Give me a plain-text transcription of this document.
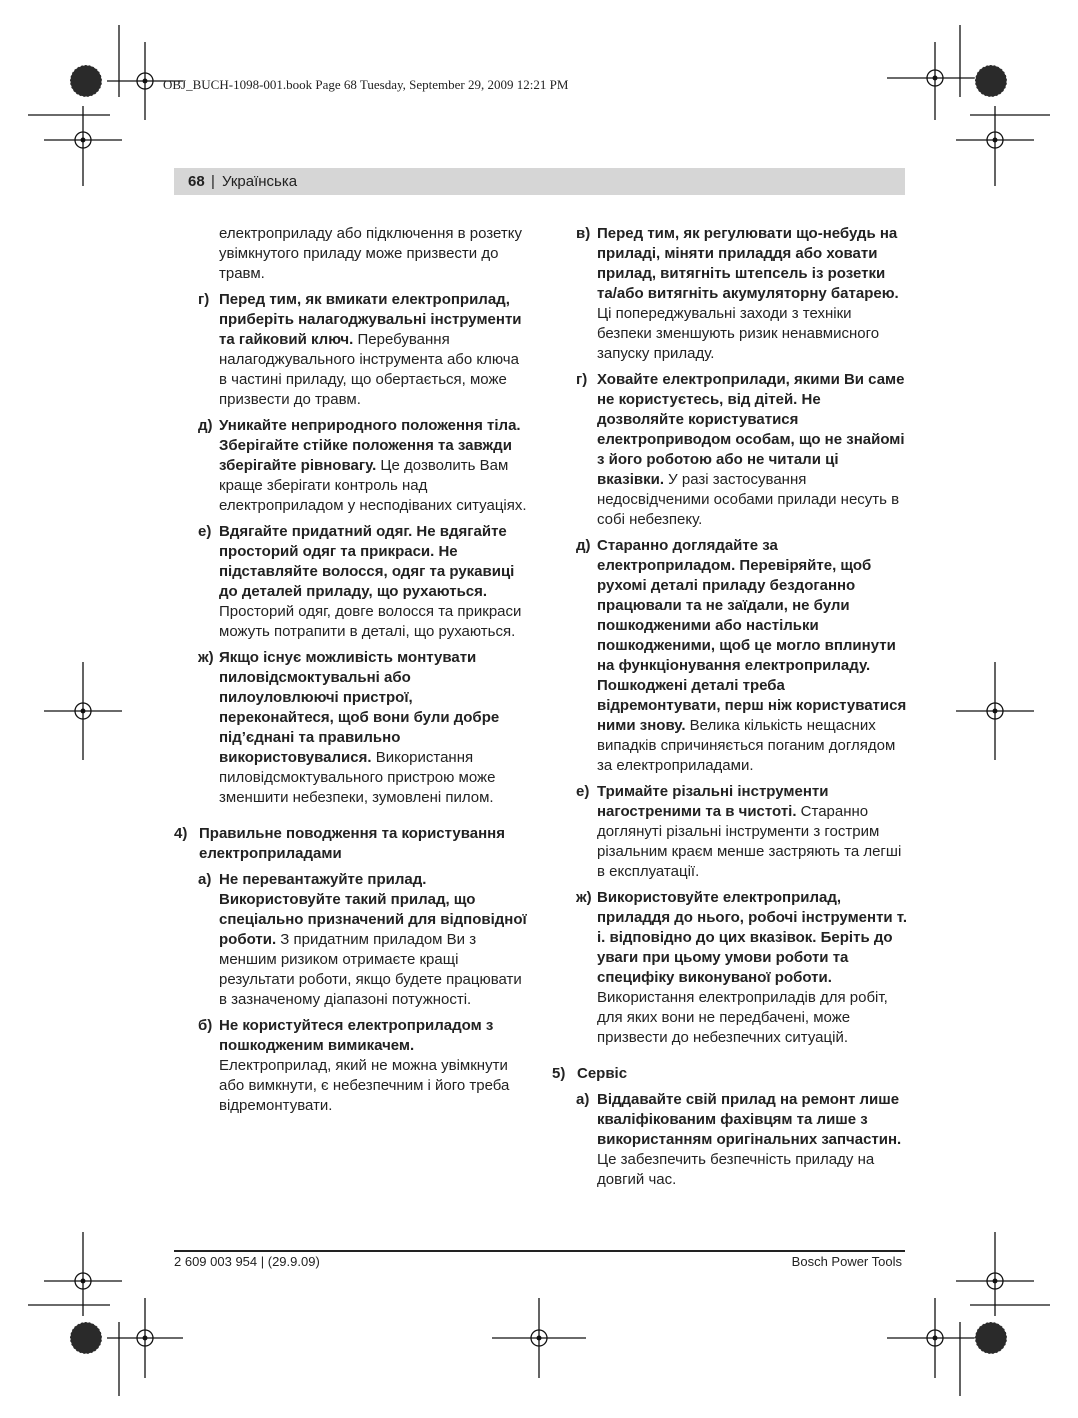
OBJ_BUCH-1098-001.book Page 68 Tuesday, September 29, 2009 12:21 PM
68 | Українська
електроприладу або підключення в розетку увімкнутого приладу може призвести до травм.
г) Перед тим, як вмикати електроприлад, приберіть налагоджувальні інструменти та гайковий ключ. Перебування налагоджувального інструмента або ключа в частині приладу, що обертається, може призвести до травм.
д) Уникайте неприродного положення тіла. Зберігайте стійке положення та завжди зберігайте рівновагу. Це дозволить Вам краще зберігати контроль над електроприладом у несподіваних ситуаціях.
е) Вдягайте придатний одяг. Не вдягайте просторий одяг та прикраси. Не підставляйте волосся, одяг та рукавиці до деталей приладу, що рухаються. Просторий одяг, довге волосся та прикраси можуть потрапити в деталі, що рухаються.
ж) Якщо існує можливість монтувати пиловідсмоктувальні або пилоуловлюючі пристрої, переконайтеся, щоб вони були добре під’єднані та правильно використовувалися. Використання пиловідсмоктувального пристрою може зменшити небезпеки, зумовлені пилом.
4) Правильне поводження та користування електроприладами
а) Не перевантажуйте прилад. Використовуйте такий прилад, що спеціально призначений для відповідної роботи. З придатним приладом Ви з меншим ризиком отримаєте кращі результати роботи, якщо будете працювати в зазначеному діапазоні потужності.
б) Не користуйтеся електроприладом з пошкодженим вимикачем. Електроприлад, який не можна увімкнути або вимкнути, є небезпечним і його треба відремонтувати.
в) Перед тим, як регулювати що-небудь на приладі, міняти приладдя або ховати прилад, витягніть штепсель із розетки та/або витягніть акумуляторну батарею. Ці попереджувальні заходи з техніки безпеки зменшують ризик ненавмисного запуску приладу.
г) Ховайте електроприлади, якими Ви саме не користуєтесь, від дітей. Не дозволяйте користуватися електроприводом особам, що не знайомі з його роботою або не читали ці вказівки. У разі застосування недосвідченими особами прилади несуть в собі небезпеку.
д) Старанно доглядайте за електроприладом. Перевіряйте, щоб рухомі деталі приладу бездоганно працювали та не заїдали, не були пошкодженими або настільки пошкодженими, щоб це могло вплинути на функціонування електроприладу. Пошкоджені деталі треба відремонтувати, перш ніж користуватися ними знову. Велика кількість нещасних випадків спричиняється поганим доглядом за електроприладами.
е) Тримайте різальні інструменти нагостреними та в чистоті. Старанно доглянуті різальні інструменти з гострим різальним краєм менше застряють та легші в експлуатації.
ж) Використовуйте електроприлад, приладдя до нього, робочі інструменти т. і. відповідно до цих вказівок. Беріть до уваги при цьому умови роботи та специфіку виконуваної роботи. Використання електроприладів для робіт, для яких вони не передбачені, може призвести до небезпечних ситуацій.
5) Сервіс
а) Віддавайте свій прилад на ремонт лише кваліфікованим фахівцям та лише з використанням оригінальних запчастин. Це забезпечить безпечність приладу на довгий час.
2 609 003 954 | (29.9.09)	Bosch Power Tools
